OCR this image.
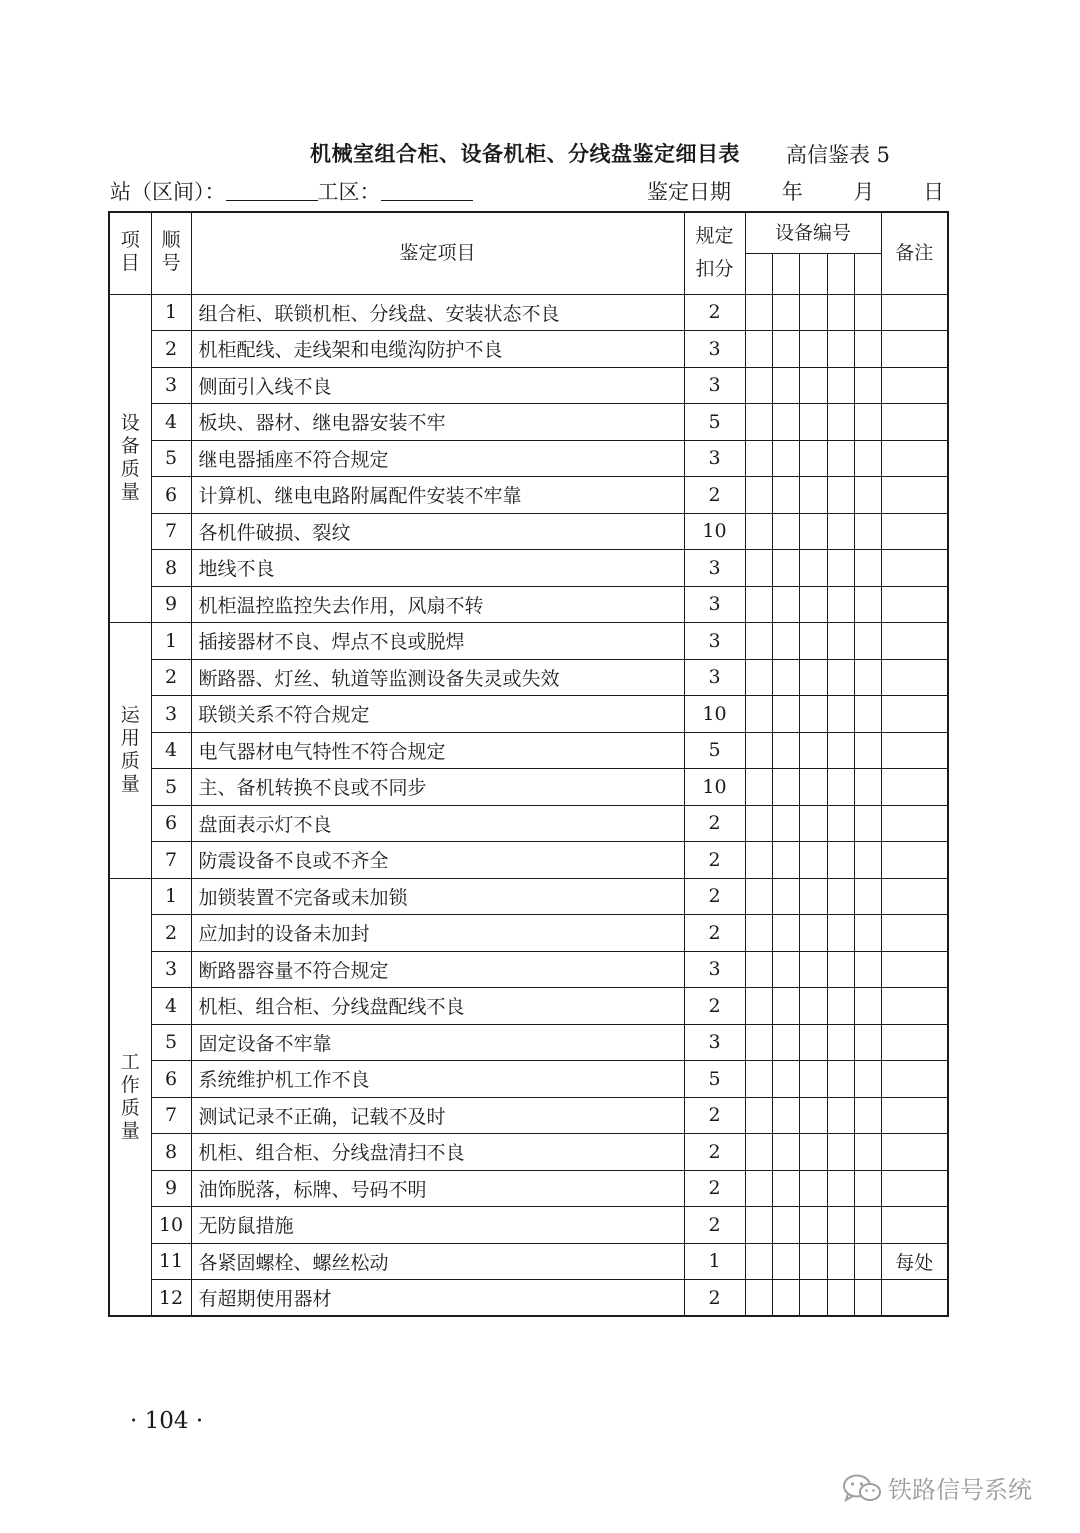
机械室组合柜、设备机柜、分线盘鉴定细目表 高信鉴表 5
站（区间）：	工区：	鉴定日期 年 月 日
项目	顺号	鉴定项目	规定扣分	设备编号					备注

设备质量	1	组合柜、联锁机柜、分线盘、安装状态不良	2						
	2	机柜配线、走线架和电缆沟防护不良	3						
	3	侧面引入线不良	3						
	4	板块、器材、继电器安装不牢	5						
	5	继电器插座不符合规定	3						
	6	计算机、继电电路附属配件安装不牢靠	2						
	7	各机件破损、裂纹	10						
	8	地线不良	3						
	9	机柜温控监控失去作用，风扇不转	3						
运用质量	1	插接器材不良、焊点不良或脱焊	3						
	2	断路器、灯丝、轨道等监测设备失灵或失效	3						
	3	联锁关系不符合规定	10						
	4	电气器材电气特性不符合规定	5						
	5	主、备机转换不良或不同步	10						
	6	盘面表示灯不良	2						
	7	防震设备不良或不齐全	2						
工作质量	1	加锁装置不完备或未加锁	2						
	2	应加封的设备未加封	2						
	3	断路器容量不符合规定	3						
	4	机柜、组合柜、分线盘配线不良	2						
	5	固定设备不牢靠	3						
	6	系统维护机工作不良	5						
	7	测试记录不正确，记载不及时	2						
	8	机柜、组合柜、分线盘清扫不良	2						
	9	油饰脱落，标牌、号码不明	2						
	10	无防鼠措施	2						
	11	各紧固螺栓、螺丝松动	1						每处
	12	有超期使用器材	2						
· 104 ·
铁路信号系统
